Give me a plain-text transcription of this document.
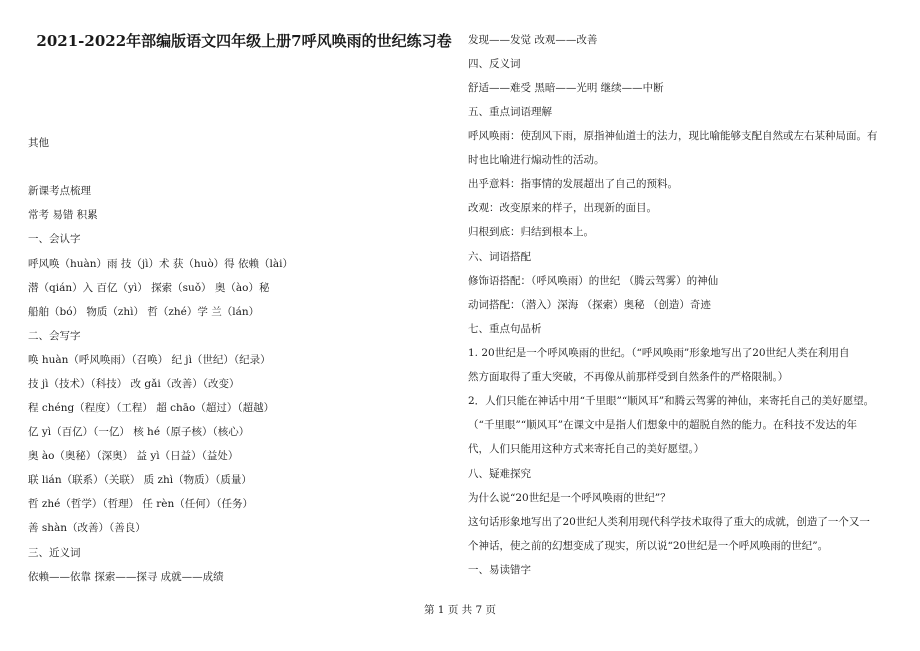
2021-2022年部编版语文四年级上册7呼风唤雨的世纪练习卷
其他
新课考点梳理
常考 易错 积累
一、会认字
呼风唤（huàn）雨 技（jì）术 获（huò）得 依赖（lài）
潜（qián）入 百亿（yì） 探索（suǒ） 奥（ào）秘
船舶（bó） 物质（zhì） 哲（zhé）学 兰（lán）
二、会写字
唤 huàn（呼风唤雨）（召唤） 纪 jì（世纪）（纪录）
技 jì（技术）（科技） 改 gǎi（改善）（改变）
程 chéng（程度）（工程） 超 chāo（超过）（超越）
亿 yì（百亿）（一亿） 核 hé（原子核）（核心）
奥 ào（奥秘）（深奥） 益 yì（日益）（益处）
联 lián（联系）（关联） 质 zhì（物质）（质量）
哲 zhé（哲学）（哲理） 任 rèn（任何）（任务）
善 shàn（改善）（善良）
三、近义词
依赖——依靠 探索——探寻 成就——成绩
发现——发觉 改观——改善
四、反义词
舒适——难受 黑暗——光明 继续——中断
五、重点词语理解
呼风唤雨：使刮风下雨，原指神仙道士的法力，现比喻能够支配自然或左右某种局面。有
时也比喻进行煽动性的活动。
出乎意料：指事情的发展超出了自己的预料。
改观：改变原来的样子，出现新的面目。
归根到底：归结到根本上。
六、词语搭配
修饰语搭配：（呼风唤雨）的世纪 （腾云驾雾）的神仙
动词搭配：（潜入）深海 （探索）奥秘 （创造）奇迹
七、重点句品析
1. 20世纪是一个呼风唤雨的世纪。（“呼风唤雨”形象地写出了20世纪人类在利用自
然方面取得了重大突破，不再像从前那样受到自然条件的严格限制。）
2．人们只能在神话中用“千里眼”“顺风耳”和腾云驾雾的神仙，来寄托自己的美好愿望。
（“千里眼”“顺风耳”在课文中是指人们想象中的超脱自然的能力。在科技不发达的年
代，人们只能用这种方式来寄托自己的美好愿望。）
八、疑难探究
为什么说“20世纪是一个呼风唤雨的世纪”？
这句话形象地写出了20世纪人类利用现代科学技术取得了重大的成就，创造了一个又一
个神话，使之前的幻想变成了现实，所以说“20世纪是一个呼风唤雨的世纪”。
一、易读错字
第 1 页 共 7 页
